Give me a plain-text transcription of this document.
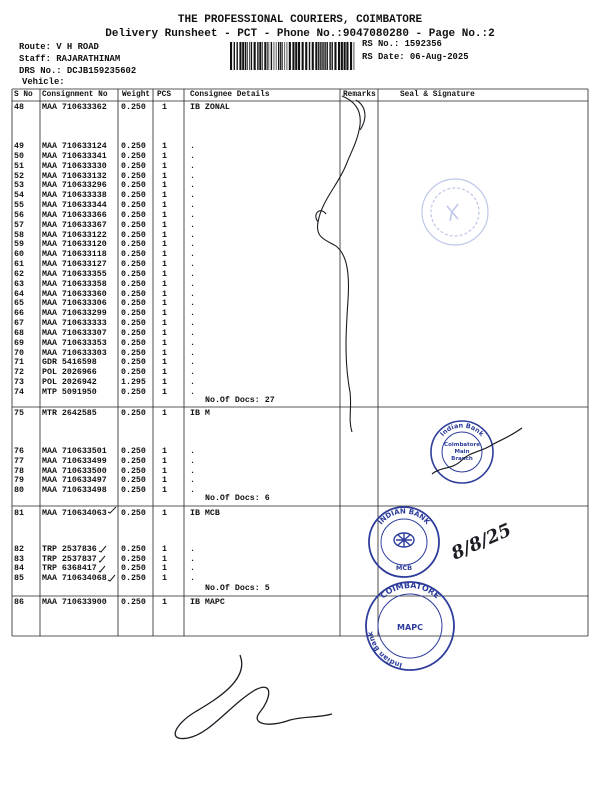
THE PROFESSIONAL COURIERS, COIMBATORE
Delivery Runsheet - PCT - Phone No.:9047080280 - Page No.:2
Route: V H ROAD
Staff: RAJARATHINAM
DRS No.: DCJB159235602
Vehicle:
RS No.: 1592356
RS Date: 06-Aug-2025
S No Consignment No Weight PCS Consignee Details	Remarks	Seal & Signature
48 MAA 710633362 0.250 1	IB ZONAL
49 MAA 710633124 0.250 1	.
50 MAA 710633341 0.250 1	.
51 MAA 710633330 0.250 1	.
52 MAA 710633132 0.250 1	.
53 MAA 710633296 0.250 1	.
54 MAA 710633338 0.250 1	.
55 MAA 710633344 0.250 1	.
56 MAA 710633366 0.250 1	.
57 MAA 710633367 0.250 1	.
58 MAA 710633122 0.250 1	.
59 MAA 710633120 0.250 1	.
60 MAA 710633118 0.250 1	.
61 MAA 710633127 0.250 1	.
62 MAA 710633355 0.250 1	.
63 MAA 710633358 0.250 1	.
64 MAA 710633360 0.250 1	.
65 MAA 710633306 0.250 1	.
66 MAA 710633299 0.250 1	.
67 MAA 710633333 0.250 1	.
68 MAA 710633307 0.250 1	.
69 MAA 710633353 0.250 1	.
70 MAA 710633303 0.250 1	.
71 GDR 5416598	0.250 1	.
72 POL 2026966	0.250 1	.
73 POL 2026942	1.295 1	.
74 MTP 5091950	0.250 1	.
No.Of Docs: 27
75 MTR 2642585	0.250 1	IB M
76 MAA 710633501 0.250 1	.
77 MAA 710633499 0.250 1	.
78 MAA 710633500 0.250 1	.
79 MAA 710633497 0.250 1	.
80 MAA 710633498 0.250 1	.
No.Of Docs: 6
81 MAA 710634063 0.250 1	IB MCB
82 TRP 2537836	0.250 1	.
83 TRP 2537837	0.250 1	.
84 TRP 6368417	0.250 1	.
85 MAA 710634068 0.250 1	.
No.Of Docs: 5
86 MAA 710633900 0.250 1	IB MAPC
Indian Bank
Coimbatore
Main
Branch
INDIAN BANK
MCB
8/8/25
COIMBATORE
Indian Bank
MAPC
